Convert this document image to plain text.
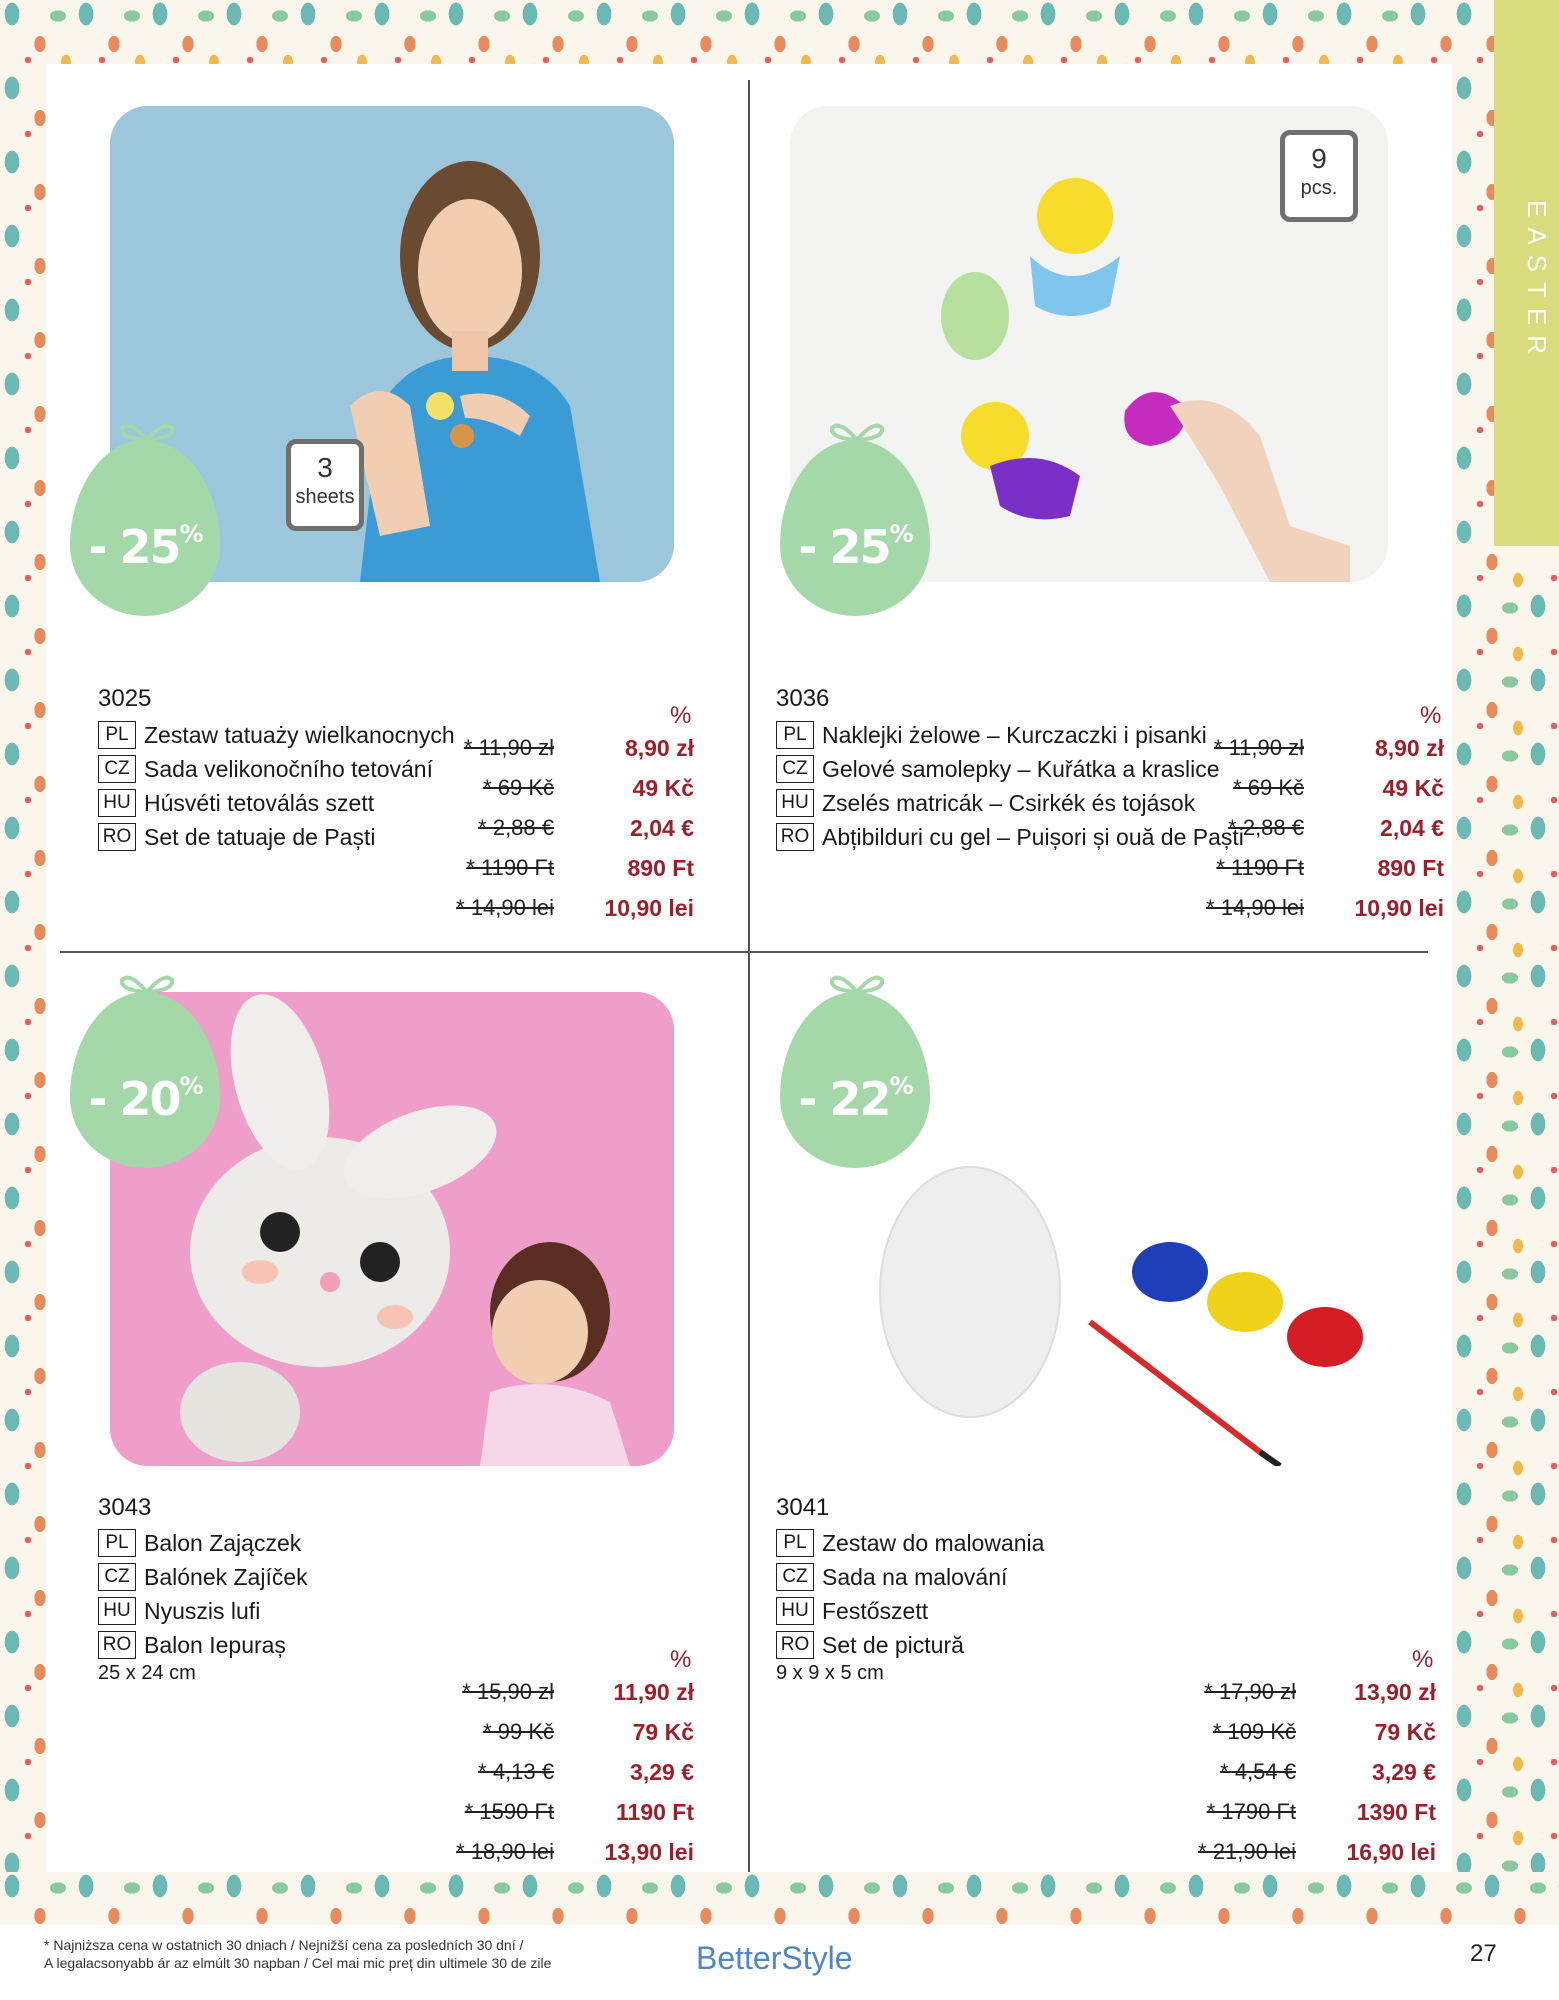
EASTER
3
sheets
- 25%
3025
PL Zestaw tatuaży wielkanocnych
CZ Sada velikonočního tetování
HU Húsvéti tetoválás szett
RO Set de tatuaje de Paști
%
* 11,90 zł	8,90 zł
* 69 Kč	49 Kč
* 2,88 €	2,04 €
* 1190 Ft	890 Ft
* 14,90 lei	10,90 lei
9
pcs.
- 25%
3036
PL Naklejki żelowe – Kurczaczki i pisanki
CZ Gelové samolepky – Kuřátka a kraslice
HU Zselés matricák – Csirkék és tojások
RO Abțibilduri cu gel – Puișori și ouă de Paști
%
* 11,90 zł	8,90 zł
* 69 Kč	49 Kč
* 2,88 €	2,04 €
* 1190 Ft	890 Ft
* 14,90 lei	10,90 lei
- 20%
3043
PL Balon Zajączek
CZ Balónek Zajíček
HU Nyuszis lufi
RO Balon Iepuraș
25 x 24 cm	%
* 15,90 zł	11,90 zł
* 99 Kč	79 Kč
* 4,13 €	3,29 €
* 1590 Ft	1190 Ft
* 18,90 lei	13,90 lei
- 22%
3041
PL Zestaw do malowania
CZ Sada na malování
HU Festőszett
RO Set de pictură
9 x 9 x 5 cm	%
* 17,90 zł	13,90 zł
* 109 Kč	79 Kč
* 4,54 €	3,29 €
* 1790 Ft	1390 Ft
* 21,90 lei	16,90 lei
* Najniższa cena w ostatnich 30 dniach / Nejnižší cena za posledních 30 dní /
A legalacsonyabb ár az elmúlt 30 napban / Cel mai mic preț din ultimele 30 de zile	BetterStyle	27
